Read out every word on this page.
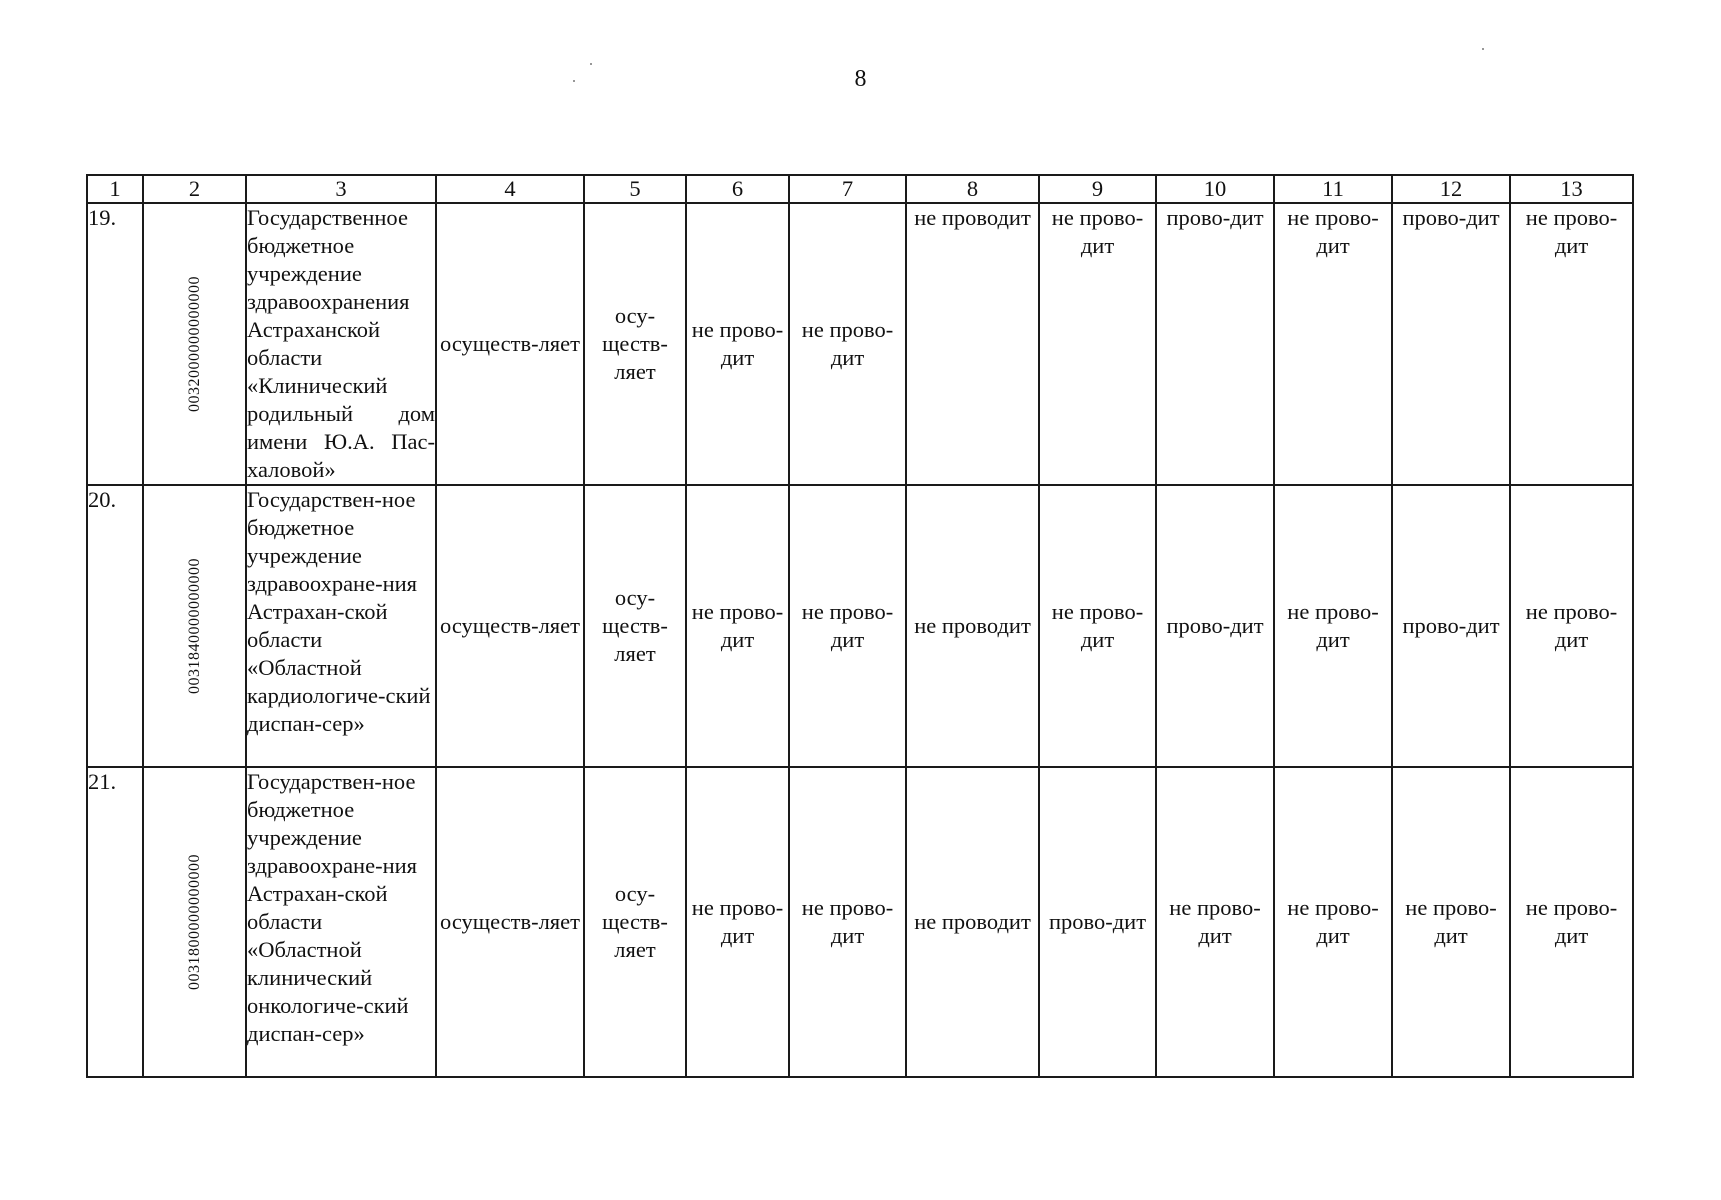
8
1	2	3	4	5	6	7	8	9	10	11	12	13
19.	0032000000000000	Государственное бюджетное учреждение здравоохранения Астраханской области «Клинический родильный дом имени Ю.А. Пас-халовой»	осуществ-ляет	осу-ществ-ляет	не прово-дит	не прово-дит	не проводит	не прово-дит	прово-дит	не прово-дит	прово-дит	не прово-дит
20.	0031840000000000	Государствен-ное бюджетное учреждение здравоохране-ния Астрахан-ской области «Областной кардиологиче-ский диспан-сер»	осуществ-ляет	осу-ществ-ляет	не прово-дит	не прово-дит	не проводит	не прово-дит	прово-дит	не прово-дит	прово-дит	не прово-дит
21.	0031800000000000	Государствен-ное бюджетное учреждение здравоохране-ния Астрахан-ской области «Областной клинический онкологиче-ский диспан-сер»	осуществ-ляет	осу-ществ-ляет	не прово-дит	не прово-дит	не проводит	прово-дит	не прово-дит	не прово-дит	не прово-дит	не прово-дит
